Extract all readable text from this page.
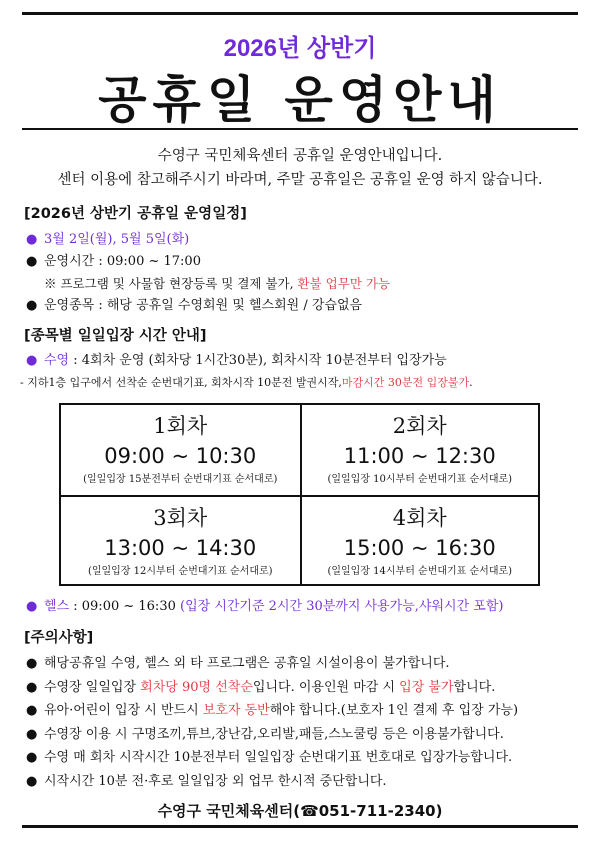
2026년 상반기
공휴일 운영안내
수영구 국민체육센터 공휴일 운영안내입니다.
센터 이용에 참고해주시기 바라며, 주말 공휴일은 공휴일 운영 하지 않습니다.
[2026년 상반기 공휴일 운영일정]
● 3월 2일(월), 5월 5일(화)
● 운영시간 : 09:00 ~ 17:00
※ 프로그램 및 사물함 현장등록 및 결제 불가, 환불 업무만 가능
● 운영종목 : 해당 공휴일 수영회원 및 헬스회원 / 강습없음
[종목별 일일입장 시간 안내]
● 수영 : 4회차 운영 (회차당 1시간30분), 회차시작 10분전부터 입장가능
- 지하1층 입구에서 선착순 순번대기표, 회차시작 10분전 발권시작,마감시간 30분전 입장불가.
1회차
09:00 ~ 10:30
(일일입장 15분전부터 순번대기표 순서대로)
2회차
11:00 ~ 12:30
(일일입장 10시부터 순번대기표 순서대로)
3회차
13:00 ~ 14:30
(일일입장 12시부터 순번대기표 순서대로)
4회차
15:00 ~ 16:30
(일일입장 14시부터 순번대기표 순서대로)
● 헬스 : 09:00 ~ 16:30 (입장 시간기준 2시간 30분까지 사용가능,샤워시간 포함)
[주의사항]
● 해당공휴일 수영, 헬스 외 타 프로그램은 공휴일 시설이용이 불가합니다.
● 수영장 일일입장 회차당 90명 선착순입니다. 이용인원 마감 시 입장 불가합니다.
● 유아·어린이 입장 시 반드시 보호자 동반해야 합니다.(보호자 1인 결제 후 입장 가능)
● 수영장 이용 시 구명조끼,튜브,장난감,오리발,패들,스노쿨링 등은 이용불가합니다.
● 수영 매 회차 시작시간 10분전부터 일일입장 순번대기표 번호대로 입장가능합니다.
● 시작시간 10분 전·후로 일일입장 외 업무 한시적 중단합니다.
수영구 국민체육센터(☎051-711-2340)
